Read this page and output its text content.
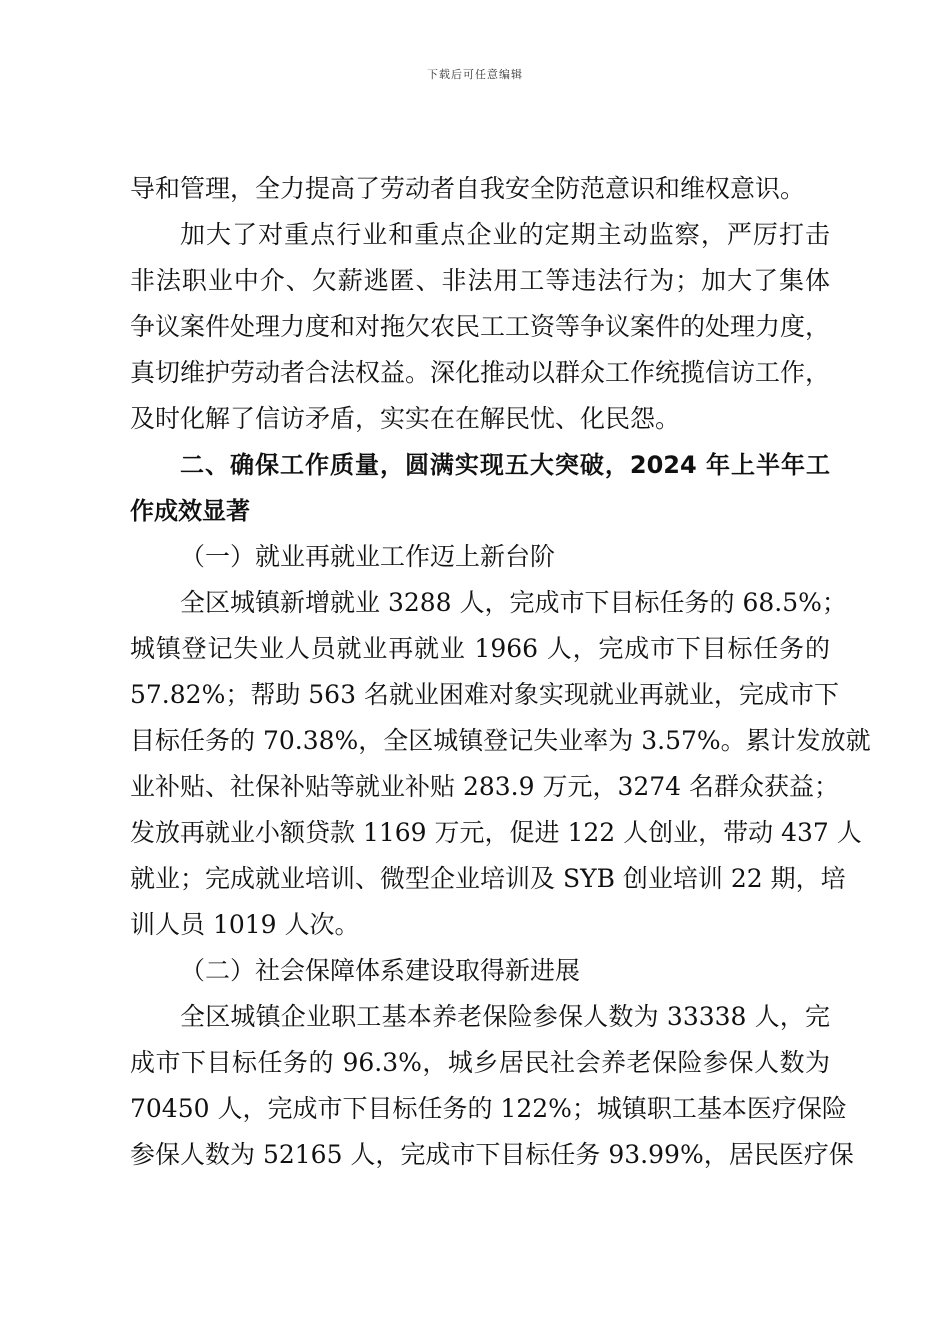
下载后可任意编辑
导和管理，全力提高了劳动者自我安全防范意识和维权意识。
加大了对重点行业和重点企业的定期主动监察，严厉打击
非法职业中介、欠薪逃匿、非法用工等违法行为；加大了集体
争议案件处理力度和对拖欠农民工工资等争议案件的处理力度，
真切维护劳动者合法权益。深化推动以群众工作统揽信访工作，
及时化解了信访矛盾，实实在在解民忧、化民怨。
二、确保工作质量，圆满实现五大突破，2024 年上半年工
作成效显著
（一）就业再就业工作迈上新台阶
全区城镇新增就业 3288 人，完成市下目标任务的 68.5%；
城镇登记失业人员就业再就业 1966 人，完成市下目标任务的
57.82%；帮助 563 名就业困难对象实现就业再就业，完成市下
目标任务的 70.38%，全区城镇登记失业率为 3.57%。累计发放就
业补贴、社保补贴等就业补贴 283.9 万元，3274 名群众获益；
发放再就业小额贷款 1169 万元，促进 122 人创业，带动 437 人
就业；完成就业培训、微型企业培训及 SYB 创业培训 22 期，培
训人员 1019 人次。
（二）社会保障体系建设取得新进展
全区城镇企业职工基本养老保险参保人数为 33338 人，完
成市下目标任务的 96.3%，城乡居民社会养老保险参保人数为
70450 人，完成市下目标任务的 122%；城镇职工基本医疗保险
参保人数为 52165 人，完成市下目标任务 93.99%，居民医疗保
